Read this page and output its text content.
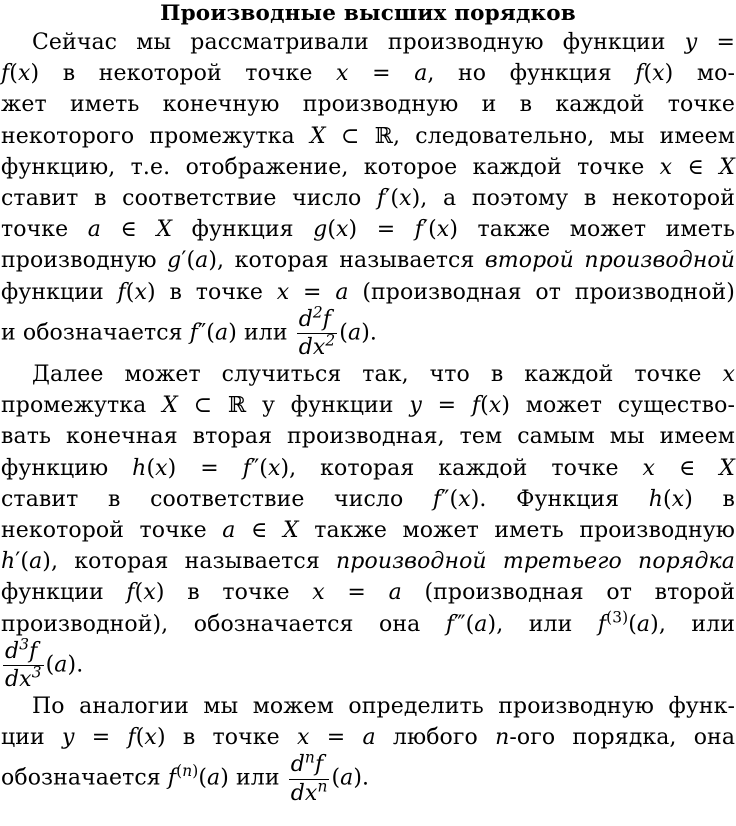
Производные высших порядков

Сейчас мы рассматривали производную функции y =

f(x) в некоторой точке x = a, но функция f(x) мо-

жет иметь конечную производную и в каждой точке

некоторого промежутка X ⊂ ℝ, следовательно, мы имеем

функцию, т.е. отображение, которое каждой точке x ∈ X

ставит в соответствие число f′(x), а поэтому в некоторой

точке a ∈ X функция g(x) = f′(x) также может иметь

производную g′(a), которая называется второй производной

функции f(x) в точке x = a (производная от производной)

и обозначается f″(a) или $\frac{d^2f}{dx^2} (a)$.

Далее может случиться так, что в каждой точке x

промежутка X ⊂ ℝ у функции y = f(x) может существо-

вать конечная вторая производная, тем самым мы имеем

функцию h(x) = f″(x), которая каждой точке x ∈ X

ставит в соответствие число f″(x). Функция h(x) в

некоторой точке a ∈ X также может иметь производную

h′(a), которая называется производной третьего порядка

функции f(x) в точке x = a (производная от второй

производной), обозначается она f‴(a), или $f^{(3)}(a)$, или

$\frac{d^3f}{dx^3} (a)$.

По аналогии мы можем определить производную функ-

ции y = f(x) в точке x = a любого n-ого порядка, она

обозначается $f^{(n)}(a)$ или $\frac{d^nf}{dx^n} (a)$.
